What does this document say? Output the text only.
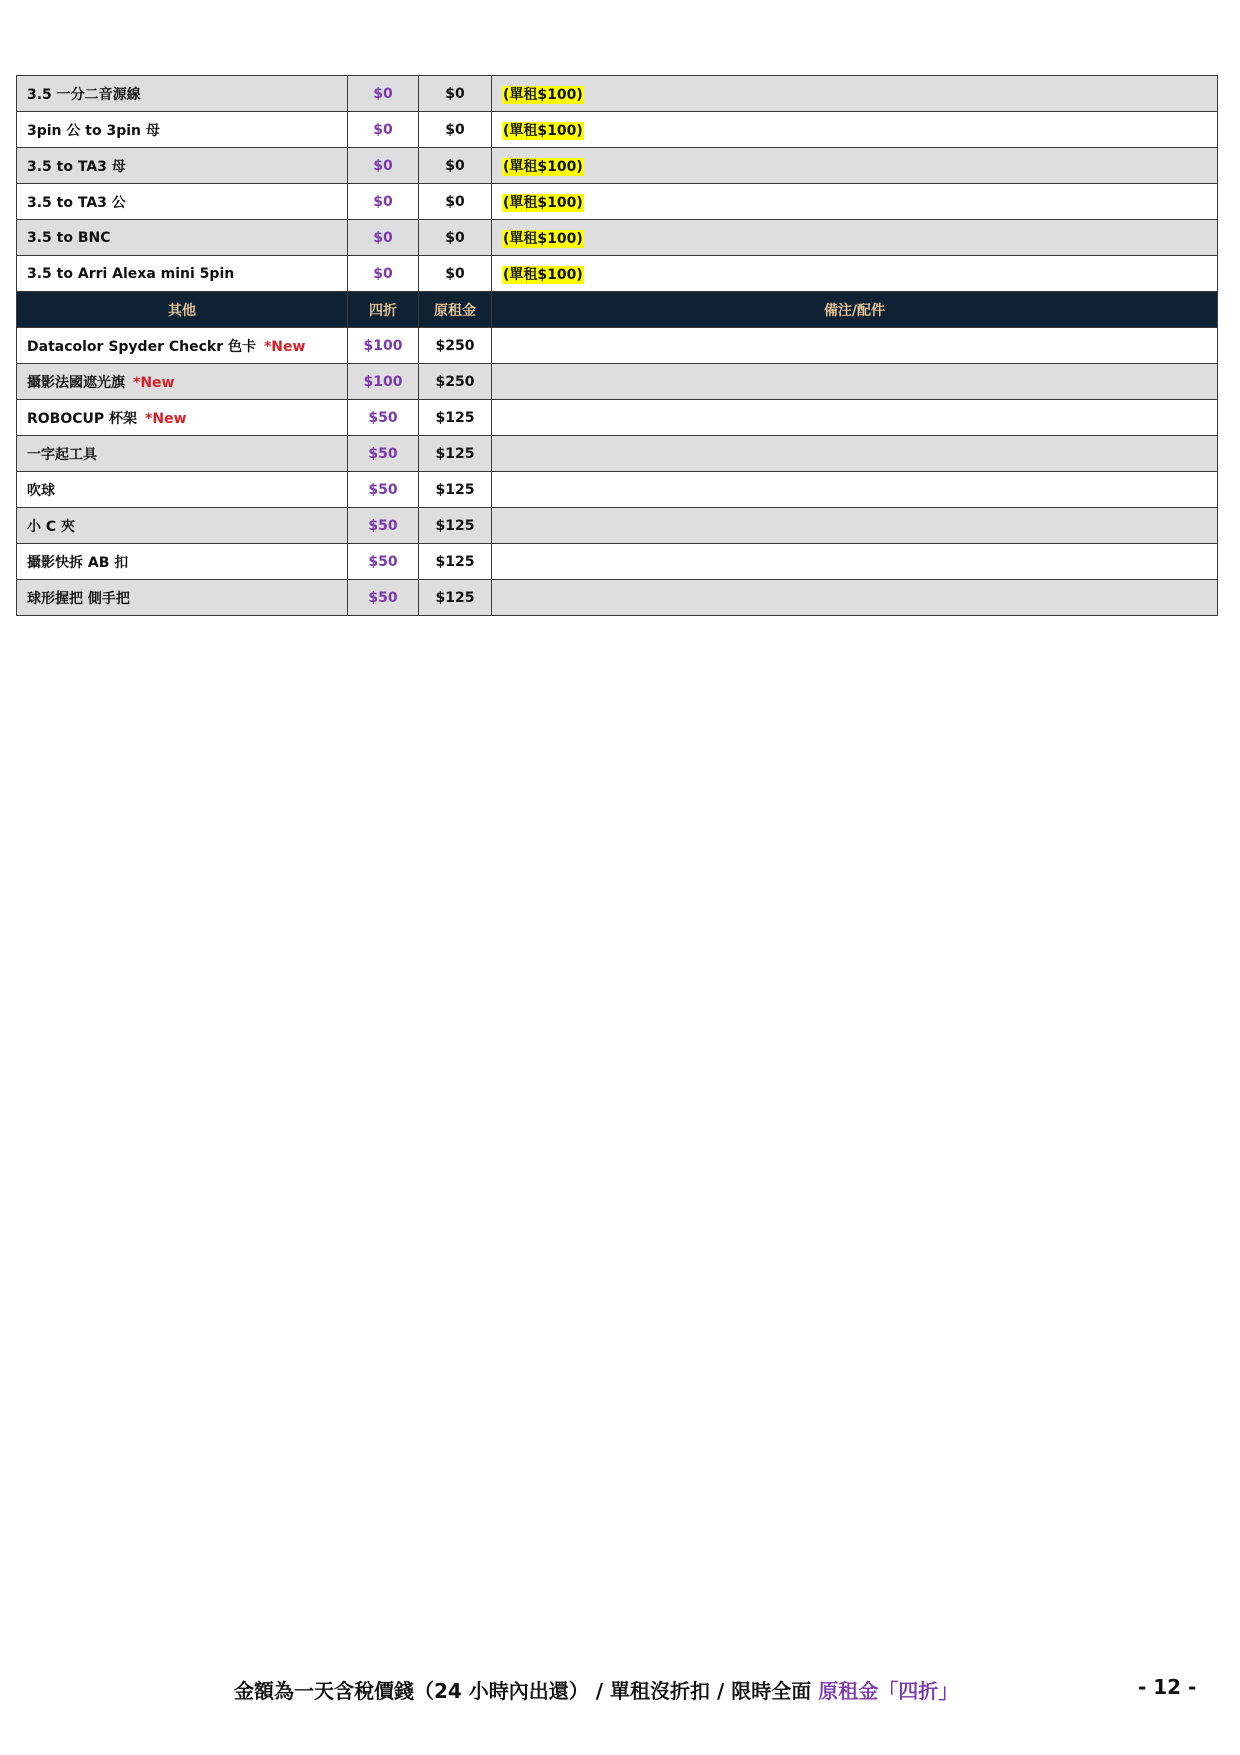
3.5 一分二音源線	$0	$0	(單租$100)
3pin 公 to 3pin 母	$0	$0	(單租$100)
3.5 to TA3 母	$0	$0	(單租$100)
3.5 to TA3 公	$0	$0	(單租$100)
3.5 to BNC	$0	$0	(單租$100)
3.5 to Arri Alexa mini 5pin	$0	$0	(單租$100)
其他	四折	原租金	備注/配件
Datacolor Spyder Checkr 色卡 *New	$100	$250	
攝影法國遮光旗 *New	$100	$250	
ROBOCUP 杯架 *New	$50	$125	
一字起工具	$50	$125	
吹球	$50	$125	
小 C 夾	$50	$125	
攝影快拆 AB 扣	$50	$125	
球形握把 側手把	$50	$125	
金額為一天含稅價錢（24 小時內出還） / 單租沒折扣 / 限時全面 原租金「四折」	- 12 -
